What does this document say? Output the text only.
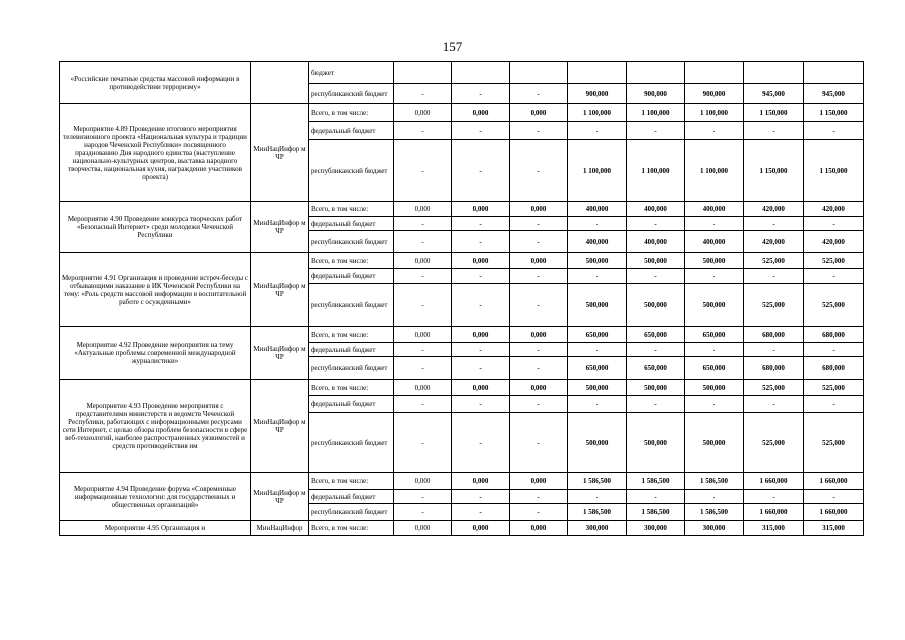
157
«Российские печатные средства массовой информации в противодействии терроризму»		бюджет								
		республиканский бюджет	-	-	-	900,000	900,000	900,000	945,000	945,000
Мероприятие 4.89 Проведение итогового мероприятия телевизионного проекта «Национальная культура и традиции народов Чеченской Республики» посвященного празднованию Дня народного единства (выступление национально-культурных центров, выставка народного творчества, национальная кухня, награждение участников проекта)	МинНацИнфор м ЧР	Всего, в том числе:	0,000	0,000	0,000	1 100,000	1 100,000	1 100,000	1 150,000	1 150,000
		федеральный бюджет	-	-	-	-	-	-	-	-
		республиканский бюджет	-	-	-	1 100,000	1 100,000	1 100,000	1 150,000	1 150,000
Мероприятие 4.90 Проведение конкурса творческих работ «Безопасный Интернет» среди молодежи Чеченской Республики	МинНацИнфор м ЧР	Всего, в том числе:	0,000	0,000	0,000	400,000	400,000	400,000	420,000	420,000
		федеральный бюджет	-	-	-	-	-	-	-	-
		республиканский бюджет	-	-	-	400,000	400,000	400,000	420,000	420,000
Мероприятие 4.91 Организация и проведение встреч-беседы с отбывающими наказание в ИК Чеченской Республики на тему: «Роль средств массовой информации в воспитательной работе с осужденными»	МинНацИнфор м ЧР	Всего, в том числе:	0,000	0,000	0,000	500,000	500,000	500,000	525,000	525,000
		федеральный бюджет	-	-	-	-	-	-	-	-
		республиканский бюджет	-	-	-	500,000	500,000	500,000	525,000	525,000
Мероприятие 4.92 Проведение мероприятия на тему «Актуальные проблемы современной международной журналистики»	МинНацИнфор м ЧР	Всего, в том числе:	0,000	0,000	0,000	650,000	650,000	650,000	680,000	680,000
		федеральный бюджет	-	-	-	-	-	-	-	-
		республиканский бюджет	-	-	-	650,000	650,000	650,000	680,000	680,000
Мероприятие 4.93 Проведение мероприятия с представителями министерств и ведомств Чеченской Республики, работающих с информационными ресурсами сети Интернет, с целью обзора проблем безопасности в сфере веб-технологий, наиболее распространенных уязвимостей и средств противодействия им	МинНацИнфор м ЧР	Всего, в том числе:	0,000	0,000	0,000	500,000	500,000	500,000	525,000	525,000
		федеральный бюджет	-	-	-	-	-	-	-	-
		республиканский бюджет	-	-	-	500,000	500,000	500,000	525,000	525,000
Мероприятие 4.94 Проведение форума «Современные информационные технологии: для государственных и общественных организаций»	МинНацИнфор м ЧР	Всего, в том числе:	0,000	0,000	0,000	1 586,500	1 586,500	1 586,500	1 660,000	1 660,000
		федеральный бюджет	-	-	-	-	-	-	-	-
		республиканский бюджет	-	-	-	1 586,500	1 586,500	1 586,500	1 660,000	1 660,000
Мероприятие 4.95 Организация и	МинНацИнфор	Всего, в том числе:	0,000	0,000	0,000	300,000	300,000	300,000	315,000	315,000
